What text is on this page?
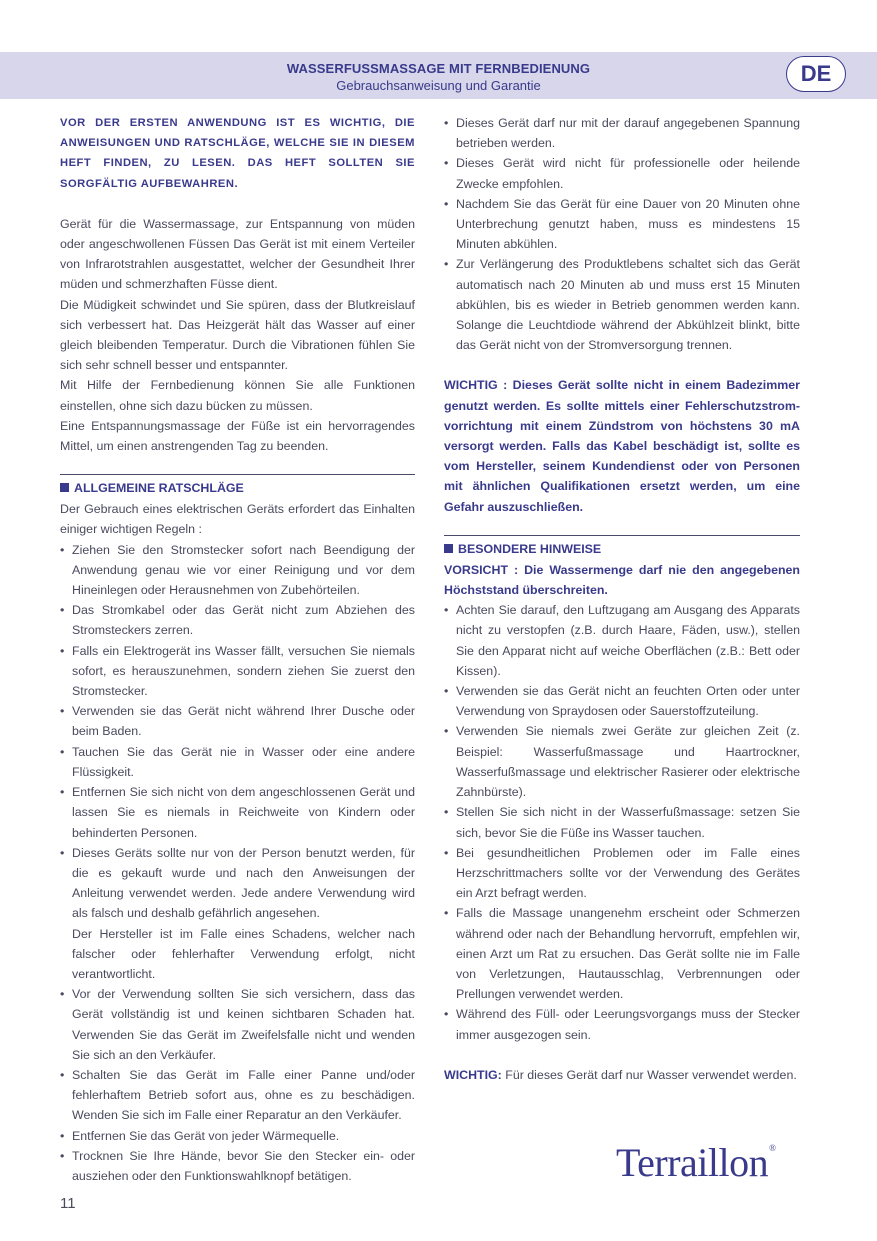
WASSERFUSSMASSAGE MIT FERNBEDIENUNG
Gebrauchsanweisung und Garantie	DE

VOR DER ERSTEN ANWENDUNG IST ES WICHTIG, DIE ANWEISUNGEN UND RATSCHLÄGE, WELCHE SIE IN DIESEM HEFT FINDEN, ZU LESEN. DAS HEFT SOLLTEN SIE SORGFÄLTIG AUFBEWAHREN.

Gerät für die Wassermassage, zur Entspannung von müden oder angeschwollenen Füssen Das Gerät ist mit einem Verteiler von Infrarotstrahlen ausgestattet, welcher der Gesundheit Ihrer müden und schmerzhaften Füsse dient.

Die Müdigkeit schwindet und Sie spüren, dass der Blutkreislauf sich verbessert hat. Das Heizgerät hält das Wasser auf einer gleich bleibenden Temperatur. Durch die Vibrationen fühlen Sie sich sehr schnell besser und entspannter.

Mit Hilfe der Fernbedienung können Sie alle Funktionen einstellen, ohne sich dazu bücken zu müssen.

Eine Entspannungsmassage der Füße ist ein hervorragendes Mittel, um einen anstrengenden Tag zu beenden.

ALLGEMEINE RATSCHLÄGE

Der Gebrauch eines elektrischen Geräts erfordert das Einhalten einiger wichtigen Regeln :

• Ziehen Sie den Stromstecker sofort nach Beendigung der Anwendung genau wie vor einer Reinigung und vor dem Hineinlegen oder Herausnehmen von Zubehörteilen.
• Das Stromkabel oder das Gerät nicht zum Abziehen des Stromsteckers zerren.
• Falls ein Elektrogerät ins Wasser fällt, versuchen Sie niemals sofort, es herauszunehmen, sondern ziehen Sie zuerst den Stromstecker.
• Verwenden sie das Gerät nicht während Ihrer Dusche oder beim Baden.
• Tauchen Sie das Gerät nie in Wasser oder eine andere Flüssigkeit.
• Entfernen Sie sich nicht von dem angeschlossenen Gerät und lassen Sie es niemals in Reichweite von Kindern oder behinderten Personen.
• Dieses Geräts sollte nur von der Person benutzt werden, für die es gekauft wurde und nach den Anweisungen der Anleitung verwendet werden. Jede andere Verwendung wird als falsch und deshalb gefährlich angesehen.
Der Hersteller ist im Falle eines Schadens, welcher nach falscher oder fehlerhafter Verwendung erfolgt, nicht verantwortlicht.
• Vor der Verwendung sollten Sie sich versichern, dass das Gerät vollständig ist und keinen sichtbaren Schaden hat. Verwenden Sie das Gerät im Zweifelsfalle nicht und wenden Sie sich an den Verkäufer.
• Schalten Sie das Gerät im Falle einer Panne und/oder fehlerhaftem Betrieb sofort aus, ohne es zu beschädigen. Wenden Sie sich im Falle einer Reparatur an den Verkäufer.
• Entfernen Sie das Gerät von jeder Wärmequelle.
• Trocknen Sie Ihre Hände, bevor Sie den Stecker ein- oder ausziehen oder den Funktionswahlknopf betätigen.
• Dieses Gerät darf nur mit der darauf angegebenen Spannung betrieben werden.
• Dieses Gerät wird nicht für professionelle oder heilende Zwecke empfohlen.
• Nachdem Sie das Gerät für eine Dauer von 20 Minuten ohne Unterbrechung genutzt haben, muss es mindestens 15 Minuten abkühlen.
• Zur Verlängerung des Produktlebens schaltet sich das Gerät automatisch nach 20 Minuten ab und muss erst 15 Minuten abkühlen, bis es wieder in Betrieb genommen werden kann. Solange die Leuchtdiode während der Abkühlzeit blinkt, bitte das Gerät nicht von der Stromversorgung trennen.

WICHTIG : Dieses Gerät sollte nicht in einem Badezimmer genutzt werden. Es sollte mittels einer Fehlerschutzstrom-vorrichtung mit einem Zündstrom von höchstens 30 mA versorgt werden. Falls das Kabel beschädigt ist, sollte es vom Hersteller, seinem Kundendienst oder von Personen mit ähnlichen Qualifikationen ersetzt werden, um eine Gefahr auszuschließen.

BESONDERE HINWEISE

VORSICHT : Die Wassermenge darf nie den angegebenen Höchststand überschreiten.

• Achten Sie darauf, den Luftzugang am Ausgang des Apparats nicht zu verstopfen (z.B. durch Haare, Fäden, usw.), stellen Sie den Apparat nicht auf weiche Oberflächen (z.B.: Bett oder Kissen).
• Verwenden sie das Gerät nicht an feuchten Orten oder unter Verwendung von Spraydosen oder Sauerstoffzuteilung.
• Verwenden Sie niemals zwei Geräte zur gleichen Zeit (z. Beispiel: Wasserfußmassage und Haartrockner, Wasserfußmassage und elektrischer Rasierer oder elektrische Zahnbürste).
• Stellen Sie sich nicht in der Wasserfußmassage: setzen Sie sich, bevor Sie die Füße ins Wasser tauchen.
• Bei gesundheitlichen Problemen oder im Falle eines Herzschrittmachers sollte vor der Verwendung des Gerätes ein Arzt befragt werden.
• Falls die Massage unangenehm erscheint oder Schmerzen während oder nach der Behandlung hervorruft, empfehlen wir, einen Arzt um Rat zu ersuchen. Das Gerät sollte nie im Falle von Verletzungen, Hautausschlag, Verbrennungen oder Prellungen verwendet werden.
• Während des Füll- oder Leerungsvorgangs muss der Stecker immer ausgezogen sein.

WICHTIG: Für dieses Gerät darf nur Wasser verwendet werden.

11
Terraillon®
